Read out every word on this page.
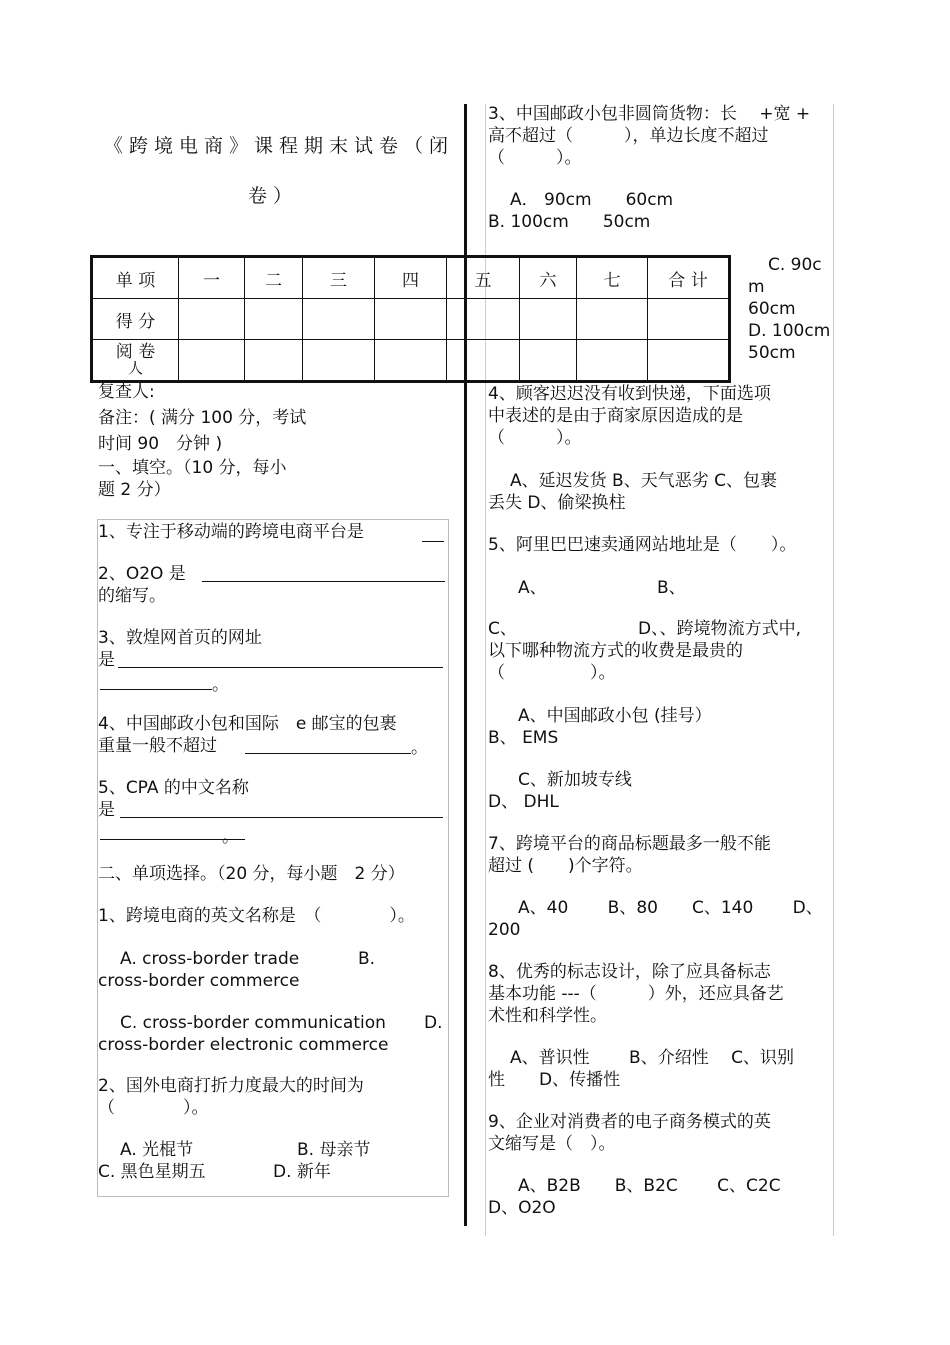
《跨境电商》课程期末试卷（闭
卷）
单 项	一	二	三	四	五	六	七	合 计
得 分								
阅 卷
人								
复查人:
备注：( 满分 100 分，考试
时间 90　分钟 )
一、填空。（10 分，每小
题 2 分）
1、专注于移动端的跨境电商平台是
2、O2O 是
的缩写。
3、敦煌网首页的网址
是
。
4、中国邮政小包和国际　e 邮宝的包裹
重量一般不超过	。
5、CPA 的中文名称
是
。
二、单项选择。（20 分，每小题　2 分）
1、跨境电商的英文名称是　（　　　　）。
A. cross-border trade	B.
cross-border commerce
C. cross-border communication D.
cross-border electronic commerce
2、国外电商打折力度最大的时间为
（　　　　）。
A. 光棍节	B. 母亲节
C. 黑色星期五	D. 新年
3、中国邮政小包非圆筒货物：长　 +宽 +
高不超过（　　　），单边长度不超过
（　　　）。
A． 90cm　　60cm
B. 100cm　　50cm
C. 90c
m
60cm
D. 100cm
50cm
4、顾客迟迟没有收到快递，下面选项
中表述的是由于商家原因造成的是
（　　　）。
A、延迟发货 B、天气恶劣 C、包裹
丢失 D、偷梁换柱
5、阿里巴巴速卖通网站地址是（　　）。
A、	B、
C、	D、、跨境物流方式中,
以下哪种物流方式的收费是最贵的
（　　　　　）。
A、中国邮政小包 (挂号）
B、 EMS
C、新加坡专线
D、 DHL
7、跨境平台的商品标题最多一般不能
超过 (　　)个字符。
A、40　　 B、80　　C、140　　 D、
200
8、优秀的标志设计，除了应具备标志
基本功能 ---（　　　）外，还应具备艺
术性和科学性。
A、普识性　　 B、介绍性　 C、识别
性　　D、传播性
9、企业对消费者的电子商务模式的英
文缩写是（　）。
A、B2B　　B、B2C　　 C、C2C
D、O2O
